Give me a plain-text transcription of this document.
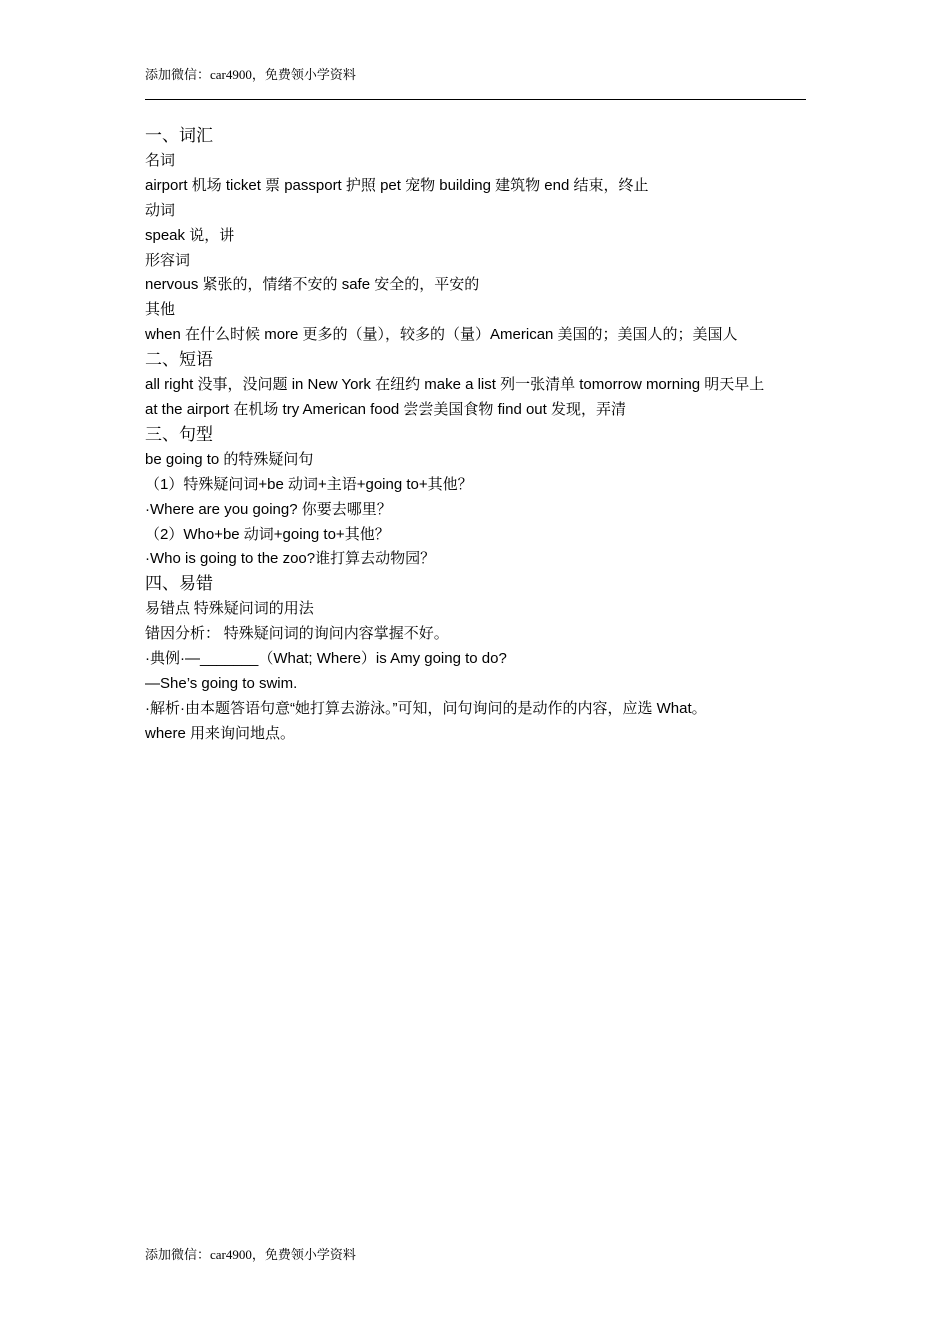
添加微信：car4900，免费领小学资料
一、词汇
名词
airport 机场 ticket 票 passport 护照 pet 宠物 building 建筑物 end 结束，终止
动词
speak 说，讲
形容词
nervous 紧张的，情绪不安的 safe 安全的，平安的
其他
when 在什么时候 more 更多的（量），较多的（量）American 美国的；美国人的；美国人
二、短语
all right 没事，没问题 in New York 在纽约 make a list 列一张清单 tomorrow morning 明天早上
at the airport 在机场 try American food 尝尝美国食物 find out 发现，弄清
三、句型
be going to 的特殊疑问句
（1）特殊疑问词+be 动词+主语+going to+其他？
·Where are you going? 你要去哪里？
（2）Who+be 动词+going to+其他？
·Who is going to the zoo?谁打算去动物园？
四、易错
易错点 特殊疑问词的用法
错因分析： 特殊疑问词的询问内容掌握不好。
·典例·—_______（What; Where）is Amy going to do?
—She’s going to swim.
·解析·由本题答语句意“她打算去游泳。”可知，问句询问的是动作的内容，应选 What。
where 用来询问地点。
添加微信：car4900，免费领小学资料
